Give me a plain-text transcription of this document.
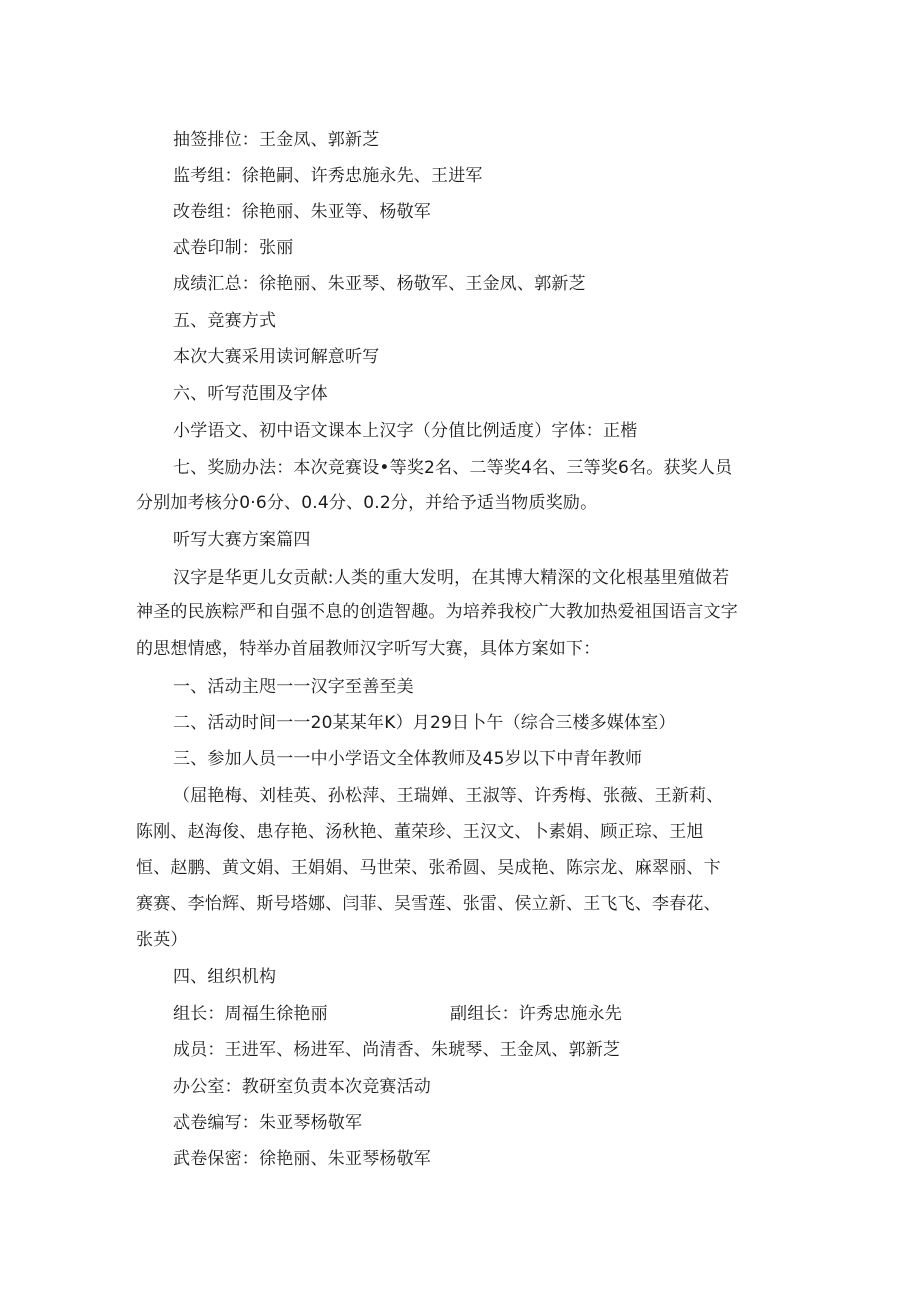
抽签排位：王金凤、郭新芝
监考组：徐艳嗣、许秀忠施永先、王进军
改卷组：徐艳丽、朱亚等、杨敬军
忒卷印制：张丽
成绩汇总：徐艳丽、朱亚琴、杨敬军、王金凤、郭新芝
五、竞赛方式
本次大赛采用读诃解意听写
六、听写范围及字体
小学语文、初中语文课本上汉字（分值比例适度）字体：正楷
七、奖励办法：本次竞赛设•等奖2名、二等奖4名、三等奖6名。获奖人员
分别加考核分0·6分、0.4分、0.2分，并给予适当物质奖励。
听写大赛方案篇四
汉字是华更儿女贡献:人类的重大发明，在其博大精深的文化根基里殖做若
神圣的民族粽严和自强不息的创造智趣。为培养我校广大教加热爱祖国语言文字
的思想情感，特举办首届教师汉字听写大赛，具体方案如下：
一、活动主咫一一汉字至善至美
二、活动时间一一20某某年K）月29日卜午（综合三楼多媒体室）
三、参加人员一一中小学语文全体教师及45岁以下中青年教师
（屈艳梅、刘桂英、孙松萍、王瑞婵、王淑等、许秀梅、张薇、王新莉、
陈刚、赵海俊、患存艳、汤秋艳、董荣珍、王汉文、卜素娟、顾正琮、王旭
恒、赵鹏、黄文娟、王娟娟、马世荣、张希圆、吴成艳、陈宗龙、麻翠丽、卞
赛赛、李怡辉、斯号塔娜、闫菲、吴雪莲、张雷、侯立新、王飞飞、李春花、
张英）
四、组织机构
组长：周福生徐艳丽	副组长：许秀忠施永先
成员：王进军、杨进军、尚清香、朱琥琴、王金凤、郭新芝
办公室：教研室负责本次竞赛活动
忒卷编写：朱亚琴杨敬军
武卷保密：徐艳丽、朱亚琴杨敬军
